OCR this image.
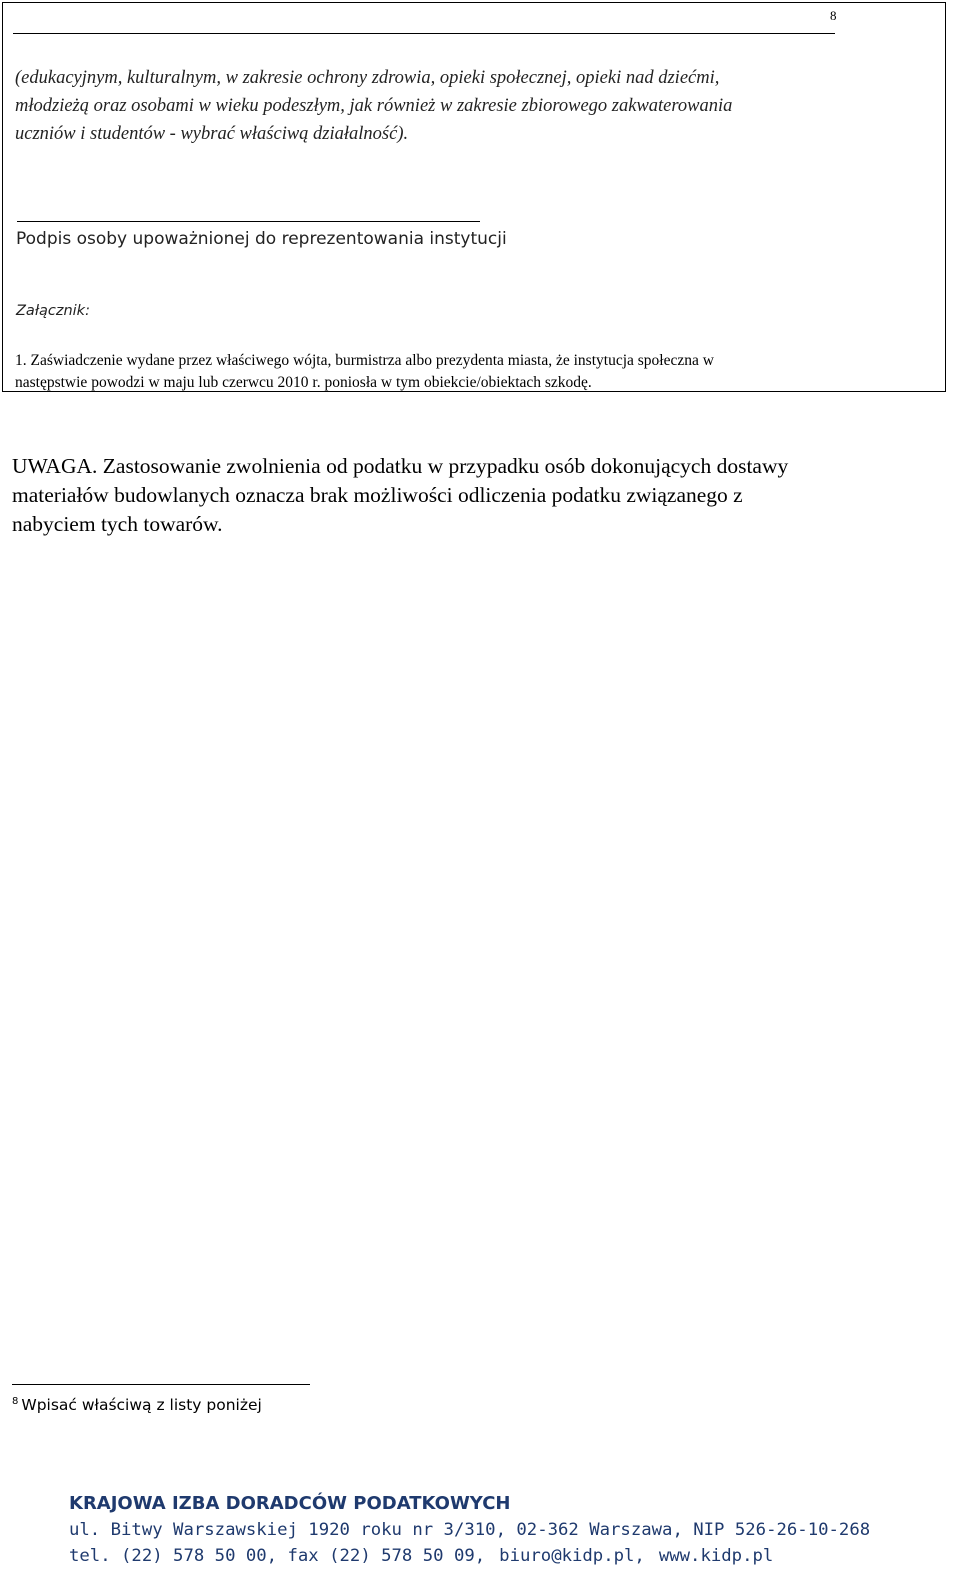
8

(edukacyjnym, kulturalnym, w zakresie ochrony zdrowia, opieki społecznej, opieki nad dziećmi,

młodzieżą oraz osobami w wieku podeszłym, jak również w zakresie zbiorowego zakwaterowania

uczniów i studentów - wybrać właściwą działalność).

Podpis osoby upoważnionej do reprezentowania instytucji
Załącznik:

1. Zaświadczenie wydane przez właściwego wójta, burmistrza albo prezydenta miasta, że instytucja społeczna w

następstwie powodzi w maju lub czerwcu 2010 r. poniosła w tym obiekcie/obiektach szkodę.

UWAGA. Zastosowanie zwolnienia od podatku w przypadku osób dokonujących dostawy

materiałów budowlanych oznacza brak możliwości odliczenia podatku związanego z

nabyciem tych towarów.

$^8$ Wpisać właściwą z listy poniżej

KRAJOWA IZBA DORADCÓW PODATKOWYCH

ul. Bitwy Warszawskiej 1920 roku nr 3/310, 02-362 Warszawa, NIP 526-26-10-268

tel. (22) 578 50 00, fax (22) 578 50 09, biuro@kidp.pl, www.kidp.pl
